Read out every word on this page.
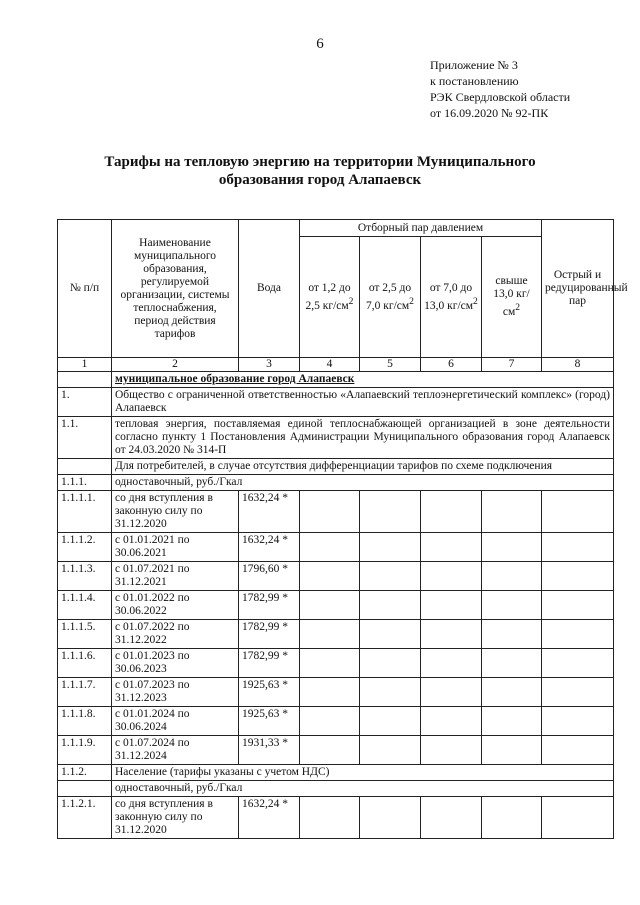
6
Приложение № 3
к постановлению
РЭК Свердловской области
от 16.09.2020 № 92-ПК
Тарифы на тепловую энергию на территории Муниципального
образования город Алапаевск
№ п/п	Наименование муниципального образования, регулируемой организации, системы теплоснабжения, период действия тарифов	Вода	Отборный пар давлением				Острый и редуцированный пар
			от 1,2 до 2,5 $кг/см^2$	от 2,5 до 7,0 $кг/см^2$	от 7,0 до 13,0 $кг/см^2$	свыше 13,0 $кг/см^2$
1	2	3	4	5	6	7	8
	муниципальное образование город Алапаевск						
1.	Общество с ограниченной ответственностью «Алапаевский теплоэнергетический комплекс» (город) Алапаевск						
1.1.	тепловая энергия, поставляемая единой теплоснабжающей организацией в зоне деятельности согласно пункту 1 Постановления Администрации Муниципального образования город Алапаевск от 24.03.2020 № 314-П						
	Для потребителей, в случае отсутствия дифференциации тарифов по схеме подключения						
1.1.1.	одноставочный, руб./Гкал						
1.1.1.1.	со дня вступления в законную силу по 31.12.2020	1632,24 *					
1.1.1.2.	с 01.01.2021 по 30.06.2021	1632,24 *					
1.1.1.3.	с 01.07.2021 по 31.12.2021	1796,60 *					
1.1.1.4.	с 01.01.2022 по 30.06.2022	1782,99 *					
1.1.1.5.	с 01.07.2022 по 31.12.2022	1782,99 *					
1.1.1.6.	с 01.01.2023 по 30.06.2023	1782,99 *					
1.1.1.7.	с 01.07.2023 по 31.12.2023	1925,63 *					
1.1.1.8.	с 01.01.2024 по 30.06.2024	1925,63 *					
1.1.1.9.	с 01.07.2024 по 31.12.2024	1931,33 *					
1.1.2.	Население (тарифы указаны с учетом НДС)						
	одноставочный, руб./Гкал						
1.1.2.1.	со дня вступления в законную силу по 31.12.2020	1632,24 *					
